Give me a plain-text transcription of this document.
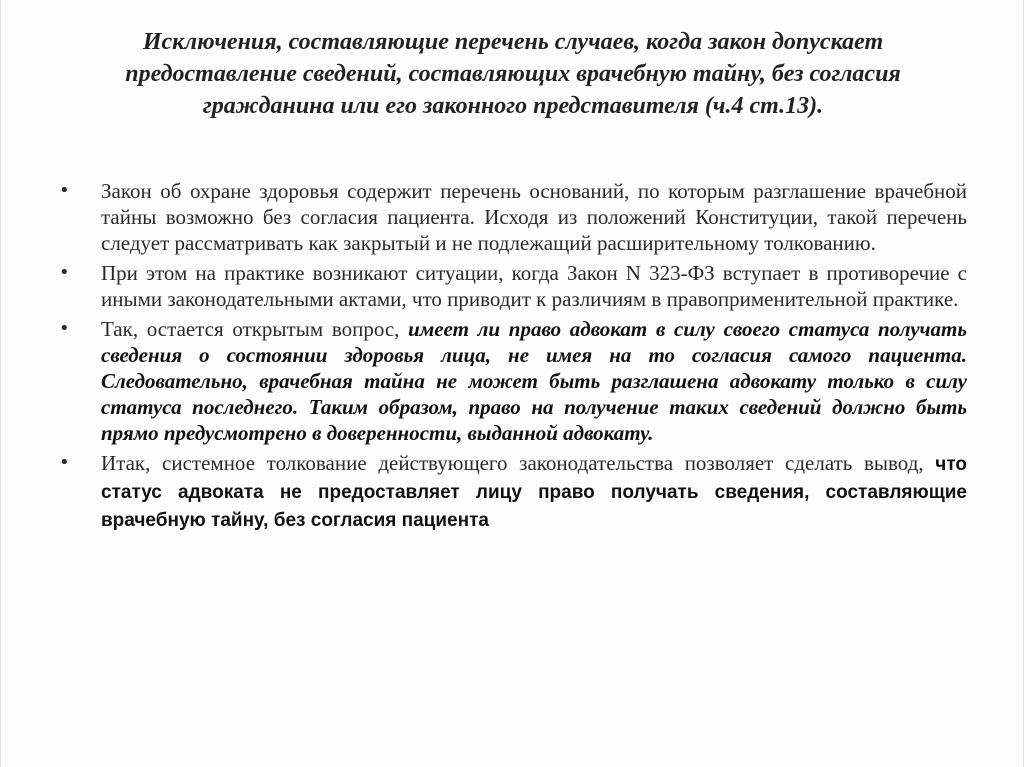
Исключения, составляющие перечень случаев, когда закон допускает предоставление сведений, составляющих врачебную тайну, без согласия гражданина или его законного представителя (ч.4 ст.13).
•	Закон об охране здоровья содержит перечень оснований, по которым разглашение врачебной тайны возможно без согласия пациента. Исходя из положений Конституции, такой перечень следует рассматривать как закрытый и не подлежащий расширительному толкованию.
•	При этом на практике возникают ситуации, когда Закон N 323-ФЗ вступает в противоречие с иными законодательными актами, что приводит к различиям в правоприменительной практике.
•	Так, остается открытым вопрос, имеет ли право адвокат в силу своего статуса получать сведения о состоянии здоровья лица, не имея на то согласия самого пациента. Следовательно, врачебная тайна не может быть разглашена адвокату только в силу статуса последнего. Таким образом, право на получение таких сведений должно быть прямо предусмотрено в доверенности, выданной адвокату.
•	Итак, системное толкование действующего законодательства позволяет сделать вывод, что статус адвоката не предоставляет лицу право получать сведения, составляющие врачебную тайну, без согласия пациента
